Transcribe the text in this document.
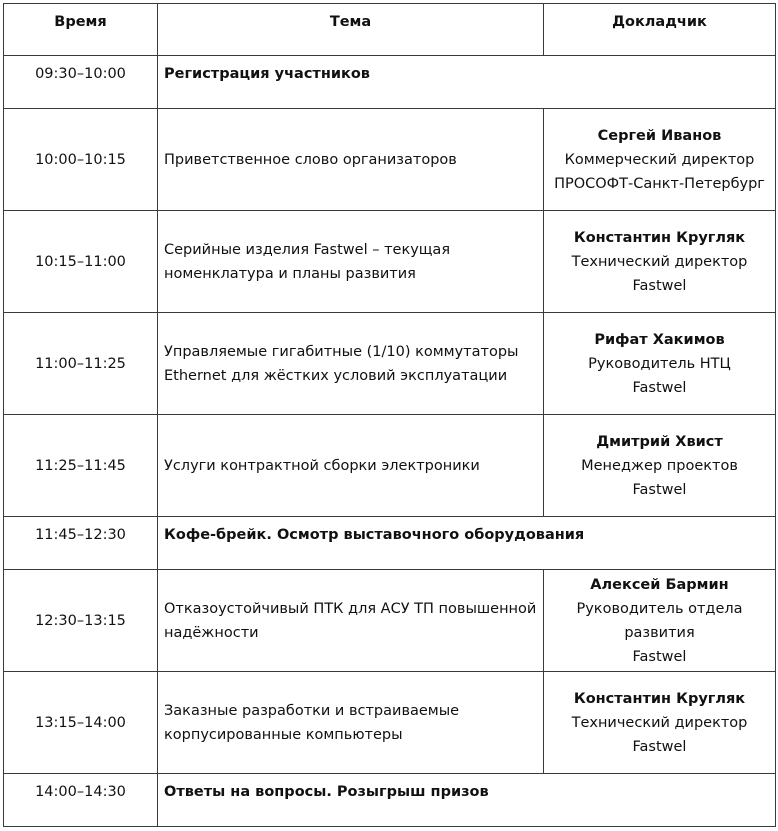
Время	Тема	Докладчик
09:30–10:00	Регистрация участников	
10:00–10:15	Приветственное слово организаторов	Сергей Иванов
Коммерческий директор
ПРОСОФТ-Санкт-Петербург

10:15–11:00	Серийные изделия Fastwel – текущая номенклатура и планы развития	Константин Кругляк
Технический директор
Fastwel

11:00–11:25	Управляемые гигабитные (1/10) коммутаторы Ethernet для жёстких условий эксплуатации	Рифат Хакимов
Руководитель НТЦ
Fastwel

11:25–11:45	Услуги контрактной сборки электроники	Дмитрий Хвист
Менеджер проектов
Fastwel

11:45–12:30	Кофе-брейк. Осмотр выставочного оборудования	
12:30–13:15	Отказоустойчивый ПТК для АСУ ТП повышенной надёжности	Алексей Бармин
Руководитель отдела развития
Fastwel

13:15–14:00	Заказные разработки и встраиваемые корпусированные компьютеры	Константин Кругляк
Технический директор
Fastwel

14:00–14:30	Ответы на вопросы. Розыгрыш призов	
